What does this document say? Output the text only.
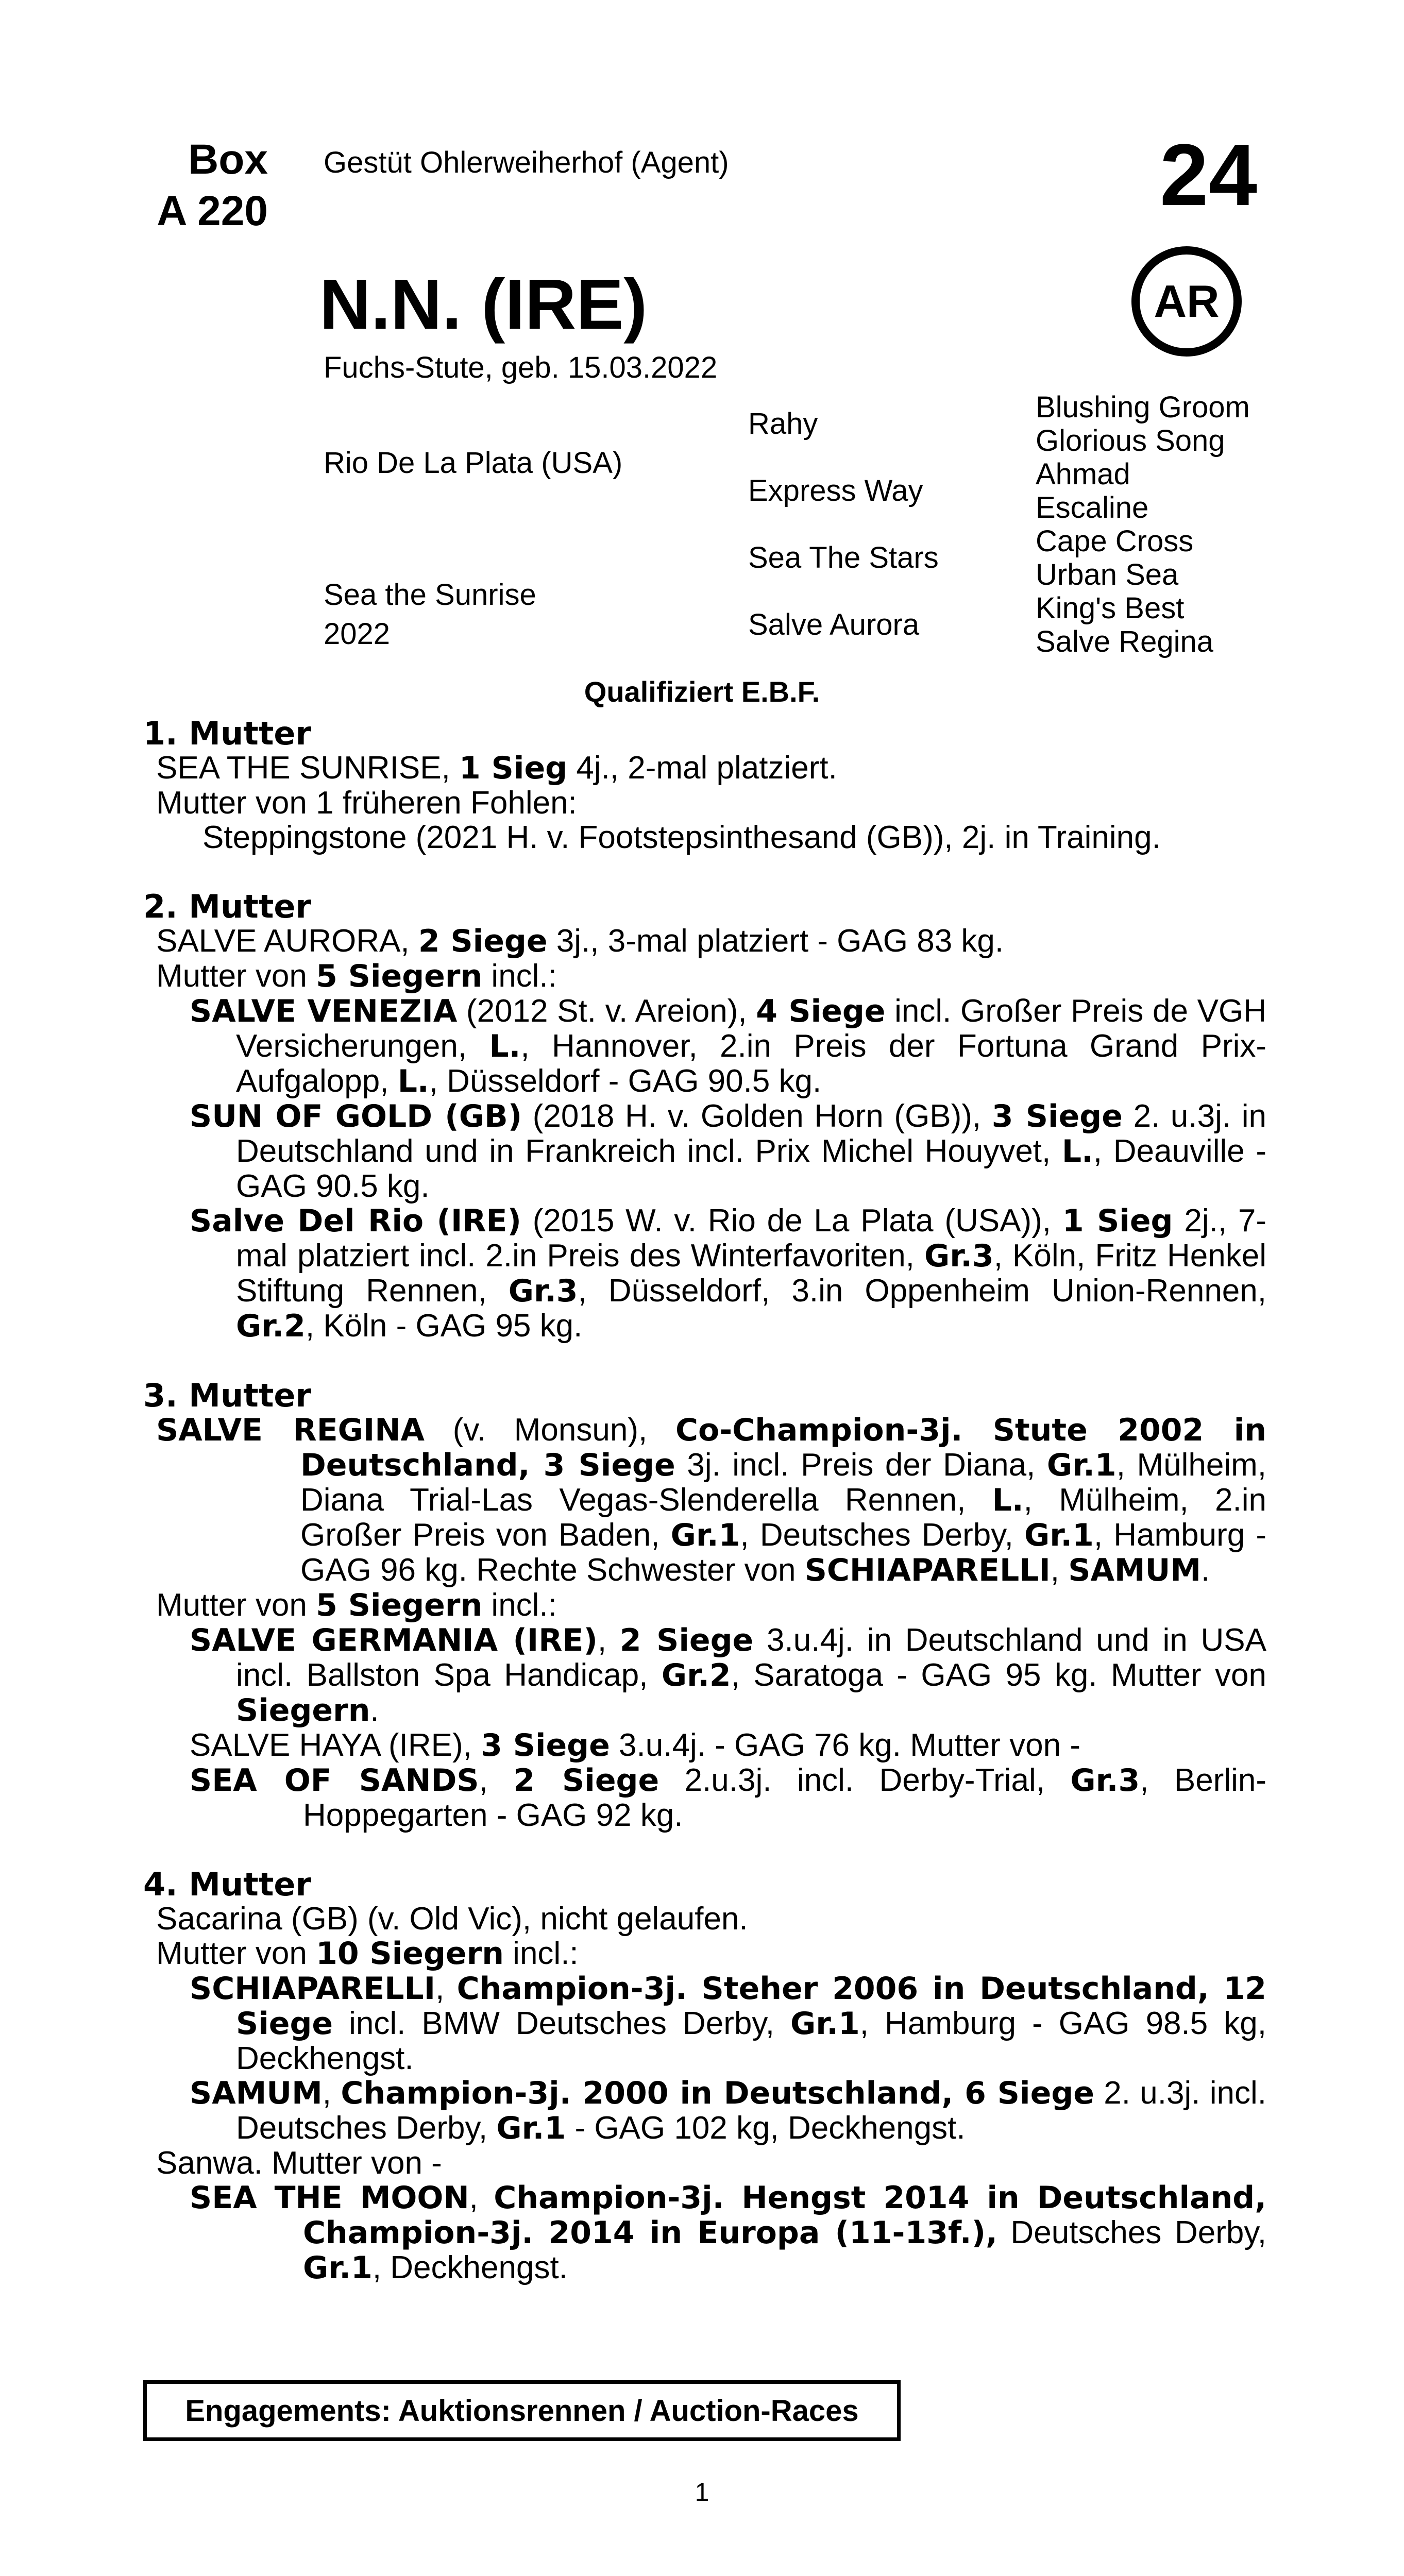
Box
A 220
Gestüt Ohlerweiherhof (Agent)	24
N.N. (IRE)	AR
Fuchs-Stute, geb. 15.03.2022
Rio De La Plata (USA)
Sea the Sunrise
2022
Rahy
Express Way
Sea The Stars
Salve Aurora
Blushing Groom
Glorious Song
Ahmad
Escaline
Cape Cross
Urban Sea
King's Best
Salve Regina
Qualifiziert E.B.F.
1. Mutter
SEA THE SUNRISE, 1 Sieg 4j., 2-mal platziert.
Mutter von 1 früheren Fohlen:
Steppingstone (2021 H. v. Footstepsinthesand (GB)), 2j. in Training.
2. Mutter
SALVE AURORA, 2 Siege 3j., 3-mal platziert - GAG 83 kg.
Mutter von 5 Siegern incl.:
SALVE VENEZIA (2012 St. v. Areion), 4 Siege incl. Großer Preis de VGH Versicherungen, L., Hannover, 2.in Preis der Fortuna Grand Prix-Aufgalopp, L., Düsseldorf - GAG 90.5 kg.
SUN OF GOLD (GB) (2018 H. v. Golden Horn (GB)), 3 Siege 2. u.3j. in Deutschland und in Frankreich incl. Prix Michel Houyvet, L., Deauville - GAG 90.5 kg.
Salve Del Rio (IRE) (2015 W. v. Rio de La Plata (USA)), 1 Sieg 2j., 7-mal platziert incl. 2.in Preis des Winterfavoriten, Gr.3, Köln, Fritz Henkel Stiftung Rennen, Gr.3, Düsseldorf, 3.in Oppenheim Union-Rennen, Gr.2, Köln - GAG 95 kg.
3. Mutter
SALVE REGINA (v. Monsun), Co-Champion-3j. Stute 2002 in Deutschland, 3 Siege 3j. incl. Preis der Diana, Gr.1, Mülheim, Diana Trial-Las Vegas-Slenderella Rennen, L., Mülheim, 2.in Großer Preis von Baden, Gr.1, Deutsches Derby, Gr.1, Hamburg - GAG 96 kg. Rechte Schwester von SCHIAPARELLI, SAMUM.
Mutter von 5 Siegern incl.:
SALVE GERMANIA (IRE), 2 Siege 3.u.4j. in Deutschland und in USA incl. Ballston Spa Handicap, Gr.2, Saratoga - GAG 95 kg. Mutter von Siegern.
SALVE HAYA (IRE), 3 Siege 3.u.4j. - GAG 76 kg. Mutter von -
SEA OF SANDS, 2 Siege 2.u.3j. incl. Derby-Trial, Gr.3, Berlin-Hoppegarten - GAG 92 kg.
4. Mutter
Sacarina (GB) (v. Old Vic), nicht gelaufen.
Mutter von 10 Siegern incl.:
SCHIAPARELLI, Champion-3j. Steher 2006 in Deutschland, 12 Siege incl. BMW Deutsches Derby, Gr.1, Hamburg - GAG 98.5 kg, Deckhengst.
SAMUM, Champion-3j. 2000 in Deutschland, 6 Siege 2. u.3j. incl. Deutsches Derby, Gr.1 - GAG 102 kg, Deckhengst.
Sanwa. Mutter von -
SEA THE MOON, Champion-3j. Hengst 2014 in Deutschland, Champion-3j. 2014 in Europa (11-13f.), Deutsches Derby, Gr.1, Deckhengst.
Engagements: Auktionsrennen / Auction-Races
1
